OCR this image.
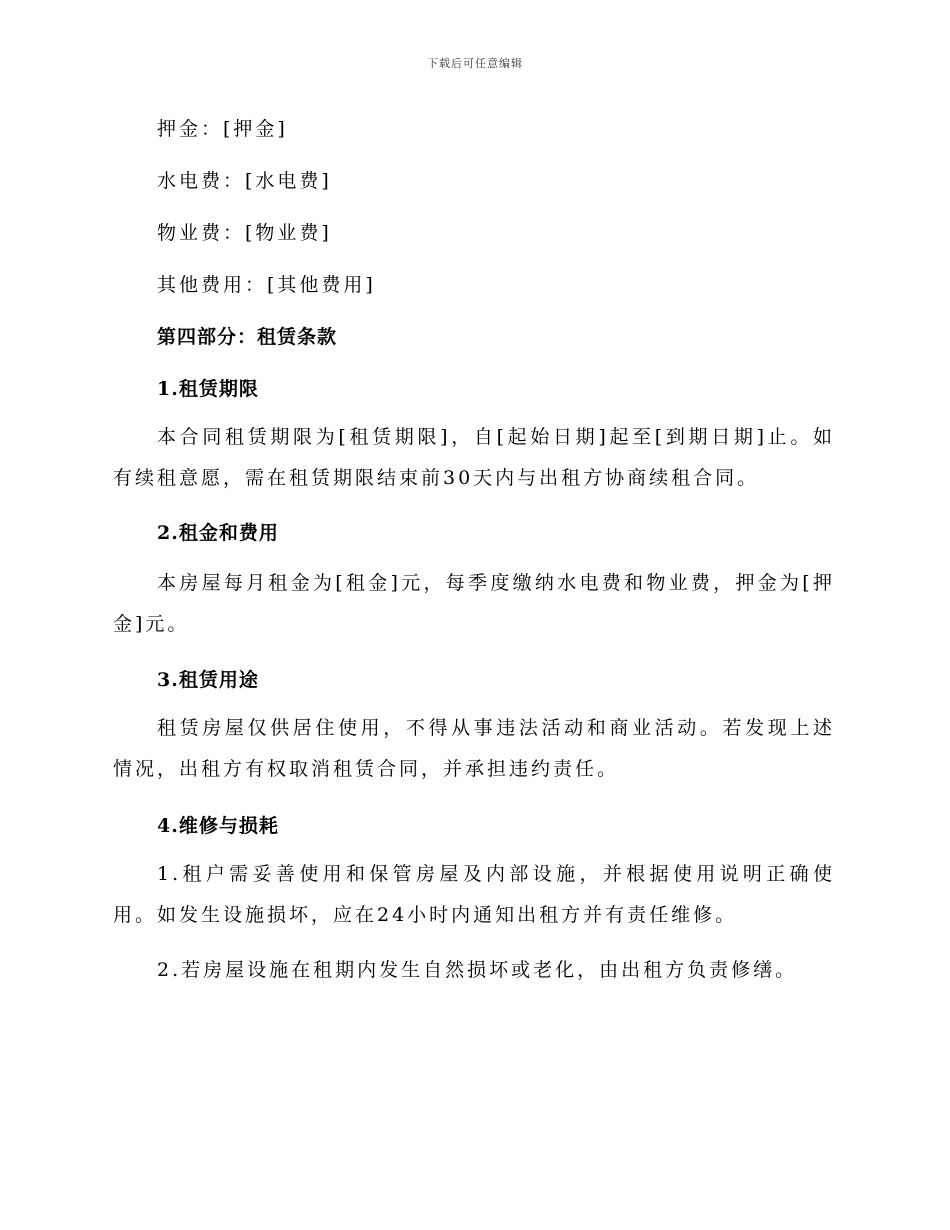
下载后可任意编辑
押金：[押金]
水电费：[水电费]
物业费：[物业费]
其他费用：[其他费用]
第四部分：租赁条款
1.租赁期限
本合同租赁期限为[租赁期限]，自[起始日期]起至[到期日期]止。如有续租意愿，需在租赁期限结束前30天内与出租方协商续租合同。
2.租金和费用
本房屋每月租金为[租金]元，每季度缴纳水电费和物业费，押金为[押金]元。
3.租赁用途
租赁房屋仅供居住使用，不得从事违法活动和商业活动。若发现上述情况，出租方有权取消租赁合同，并承担违约责任。
4.维修与损耗
1.租户需妥善使用和保管房屋及内部设施，并根据使用说明正确使用。如发生设施损坏，应在24小时内通知出租方并有责任维修。
2.若房屋设施在租期内发生自然损坏或老化，由出租方负责修缮。
